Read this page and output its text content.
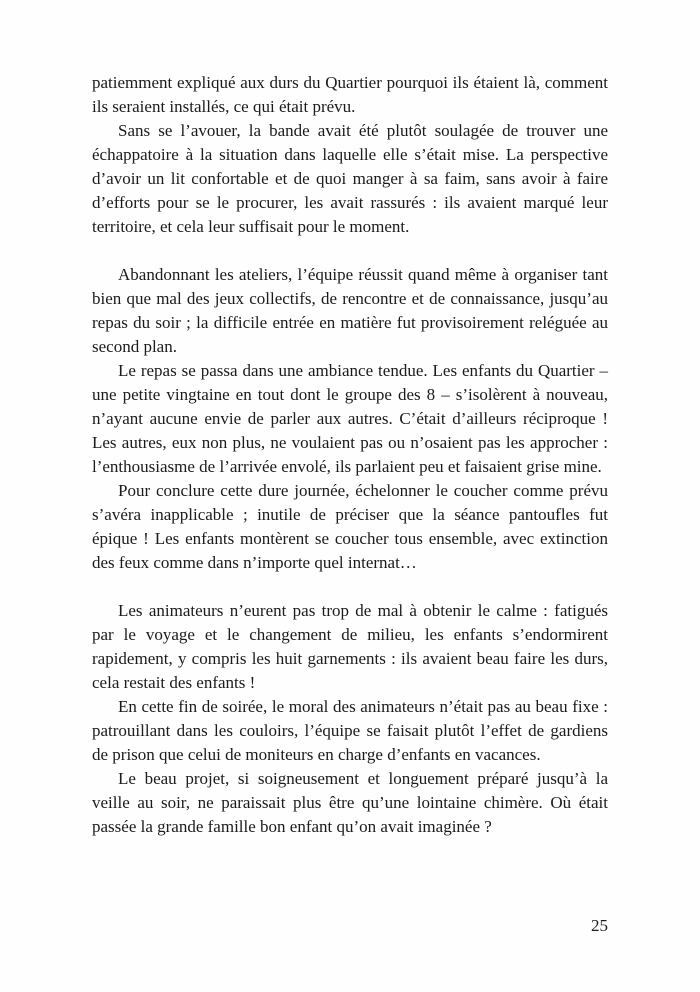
patiemment expliqué aux durs du Quartier pourquoi ils étaient là, comment ils seraient installés, ce qui était prévu.

Sans se l’avouer, la bande avait été plutôt soulagée de trouver une échappatoire à la situation dans laquelle elle s’était mise. La perspective d’avoir un lit confortable et de quoi manger à sa faim, sans avoir à faire d’efforts pour se le procurer, les avait rassurés : ils avaient marqué leur territoire, et cela leur suffisait pour le moment.

Abandonnant les ateliers, l’équipe réussit quand même à organiser tant bien que mal des jeux collectifs, de rencontre et de connaissance, jusqu’au repas du soir ; la difficile entrée en matière fut provisoirement reléguée au second plan.

Le repas se passa dans une ambiance tendue. Les enfants du Quartier – une petite vingtaine en tout dont le groupe des 8 – s’isolèrent à nouveau, n’ayant aucune envie de parler aux autres. C’était d’ailleurs réciproque ! Les autres, eux non plus, ne voulaient pas ou n’osaient pas les approcher : l’enthousiasme de l’arrivée envolé, ils parlaient peu et faisaient grise mine.

Pour conclure cette dure journée, échelonner le coucher comme prévu s’avéra inapplicable ; inutile de préciser que la séance pantoufles fut épique ! Les enfants montèrent se coucher tous ensemble, avec extinction des feux comme dans n’importe quel internat…

Les animateurs n’eurent pas trop de mal à obtenir le calme : fatigués par le voyage et le changement de milieu, les enfants s’endormirent rapidement, y compris les huit garnements : ils avaient beau faire les durs, cela restait des enfants !

En cette fin de soirée, le moral des animateurs n’était pas au beau fixe : patrouillant dans les couloirs, l’équipe se faisait plutôt l’effet de gardiens de prison que celui de moniteurs en charge d’enfants en vacances.

Le beau projet, si soigneusement et longuement préparé jusqu’à la veille au soir, ne paraissait plus être qu’une lointaine chimère. Où était passée la grande famille bon enfant qu’on avait imaginée ?

25
